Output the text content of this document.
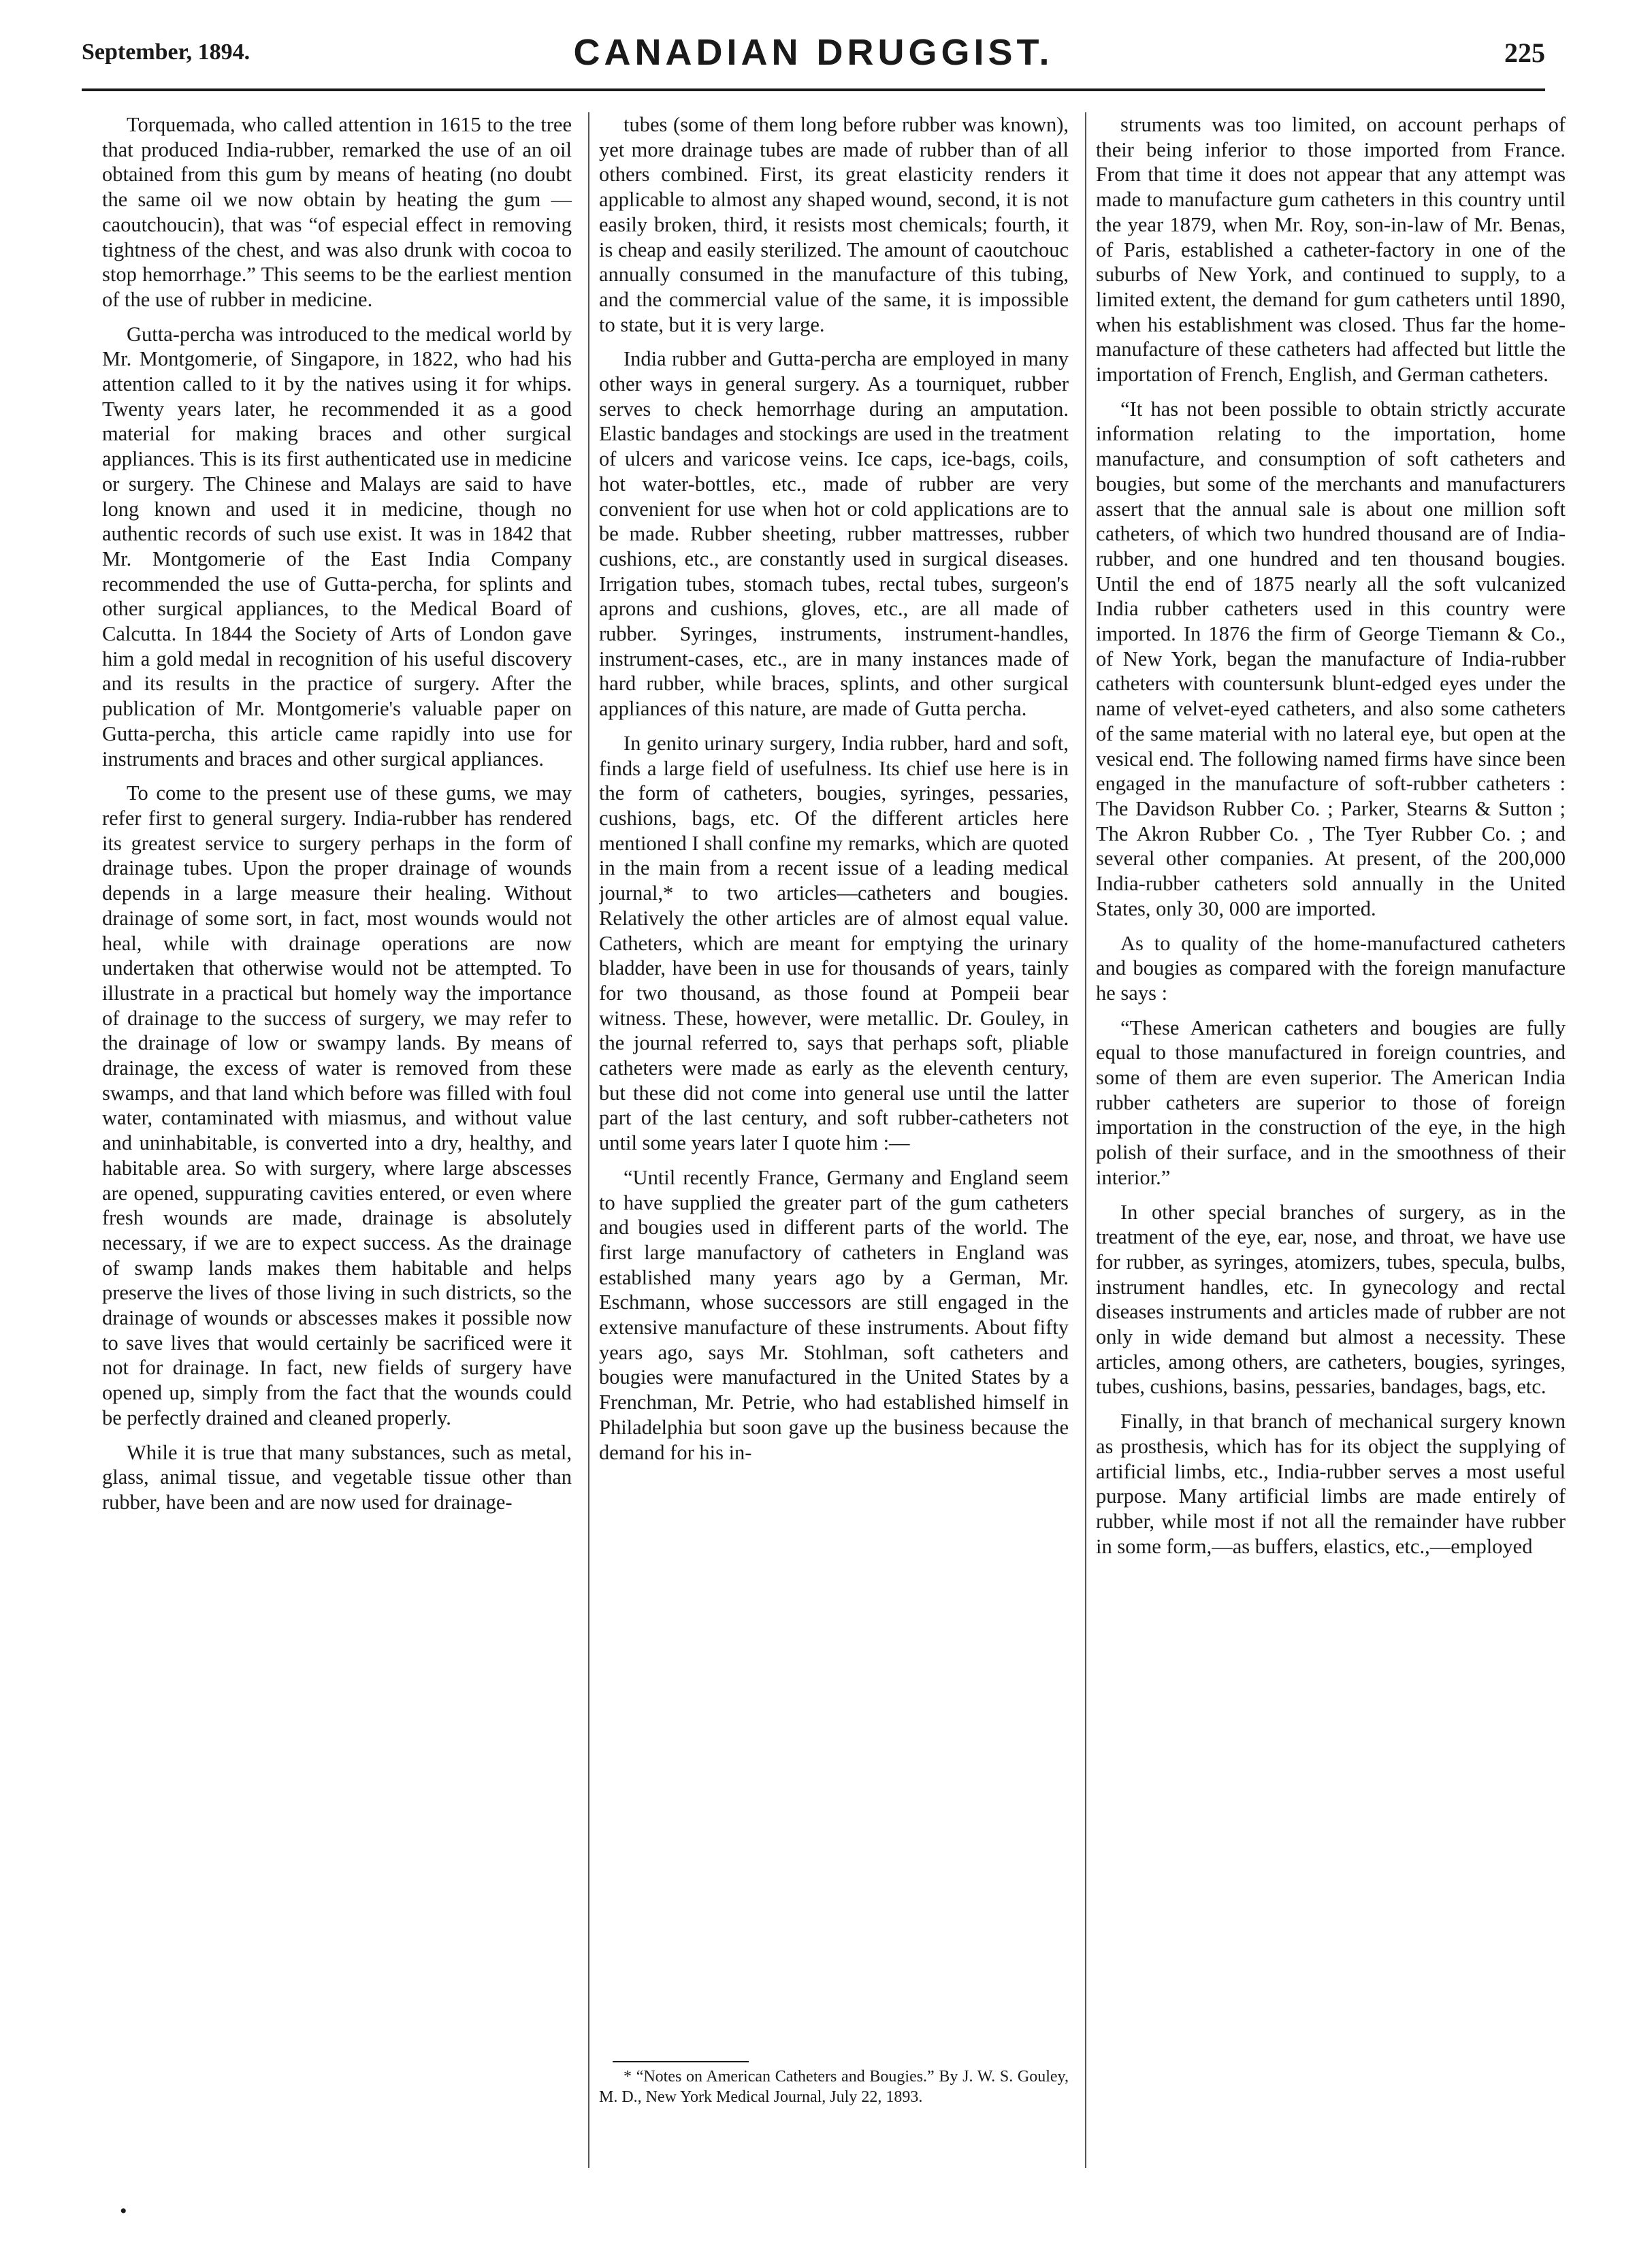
September, 1894.	CANADIAN DRUGGIST.	225

Torquemada, who called attention in 1615 to the tree that produced India-rubber, remarked the use of an oil obtained from this gum by means of heating (no doubt the same oil we now obtain by heating the gum — caoutchoucin), that was “of especial effect in removing tightness of the chest, and was also drunk with cocoa to stop hemorrhage.” This seems to be the earliest mention of the use of rubber in medicine.

Gutta-percha was introduced to the medical world by Mr. Montgomerie, of Singapore, in 1822, who had his attention called to it by the natives using it for whips. Twenty years later, he recommended it as a good material for making braces and other surgical appliances. This is its first authenticated use in medicine or surgery. The Chinese and Malays are said to have long known and used it in medicine, though no authentic records of such use exist. It was in 1842 that Mr. Montgomerie of the East India Company recommended the use of Gutta-percha, for splints and other surgical appliances, to the Medical Board of Calcutta. In 1844 the Society of Arts of London gave him a gold medal in recognition of his useful discovery and its results in the practice of surgery. After the publication of Mr. Montgomerie's valuable paper on Gutta-percha, this article came rapidly into use for instruments and braces and other surgical appliances.

To come to the present use of these gums, we may refer first to general surgery. India-rubber has rendered its greatest service to surgery perhaps in the form of drainage tubes. Upon the proper drainage of wounds depends in a large measure their healing. Without drainage of some sort, in fact, most wounds would not heal, while with drainage operations are now undertaken that otherwise would not be attempted. To illustrate in a practical but homely way the importance of drainage to the success of surgery, we may refer to the drainage of low or swampy lands. By means of drainage, the excess of water is removed from these swamps, and that land which before was filled with foul water, contaminated with miasmus, and without value and uninhabitable, is converted into a dry, healthy, and habitable area. So with surgery, where large abscesses are opened, suppurating cavities entered, or even where fresh wounds are made, drainage is absolutely necessary, if we are to expect success. As the drainage of swamp lands makes them habitable and helps preserve the lives of those living in such districts, so the drainage of wounds or abscesses makes it possible now to save lives that would certainly be sacrificed were it not for drainage. In fact, new fields of surgery have opened up, simply from the fact that the wounds could be perfectly drained and cleaned properly.

While it is true that many substances, such as metal, glass, animal tissue, and vegetable tissue other than rubber, have been and are now used for drainage-

tubes (some of them long before rubber was known), yet more drainage tubes are made of rubber than of all others combined. First, its great elasticity renders it applicable to almost any shaped wound, second, it is not easily broken, third, it resists most chemicals; fourth, it is cheap and easily sterilized. The amount of caoutchouc annually consumed in the manufacture of this tubing, and the commercial value of the same, it is impossible to state, but it is very large.

India rubber and Gutta-percha are employed in many other ways in general surgery. As a tourniquet, rubber serves to check hemorrhage during an amputation. Elastic bandages and stockings are used in the treatment of ulcers and varicose veins. Ice caps, ice-bags, coils, hot water-bottles, etc., made of rubber are very convenient for use when hot or cold applications are to be made. Rubber sheeting, rubber mattresses, rubber cushions, etc., are constantly used in surgical diseases. Irrigation tubes, stomach tubes, rectal tubes, surgeon's aprons and cushions, gloves, etc., are all made of rubber. Syringes, instruments, instrument-handles, instrument-cases, etc., are in many instances made of hard rubber, while braces, splints, and other surgical appliances of this nature, are made of Gutta percha.

In genito urinary surgery, India rubber, hard and soft, finds a large field of usefulness. Its chief use here is in the form of catheters, bougies, syringes, pessaries, cushions, bags, etc. Of the different articles here mentioned I shall confine my remarks, which are quoted in the main from a recent issue of a leading medical journal,* to two articles—catheters and bougies. Relatively the other articles are of almost equal value. Catheters, which are meant for emptying the urinary bladder, have been in use for thousands of years, tainly for two thousand, as those found at Pompeii bear witness. These, however, were metallic. Dr. Gouley, in the journal referred to, says that perhaps soft, pliable catheters were made as early as the eleventh century, but these did not come into general use until the latter part of the last century, and soft rubber-catheters not until some years later I quote him :—

“Until recently France, Germany and England seem to have supplied the greater part of the gum catheters and bougies used in different parts of the world. The first large manufactory of catheters in England was established many years ago by a German, Mr. Eschmann, whose successors are still engaged in the extensive manufacture of these instruments. About fifty years ago, says Mr. Stohlman, soft catheters and bougies were manufactured in the United States by a Frenchman, Mr. Petrie, who had established himself in Philadelphia but soon gave up the business because the demand for his in-

* “Notes on American Catheters and Bougies.” By J. W. S. Gouley, M. D., New York Medical Journal, July 22, 1893.

struments was too limited, on account perhaps of their being inferior to those imported from France. From that time it does not appear that any attempt was made to manufacture gum catheters in this country until the year 1879, when Mr. Roy, son-in-law of Mr. Benas, of Paris, established a catheter-factory in one of the suburbs of New York, and continued to supply, to a limited extent, the demand for gum catheters until 1890, when his establishment was closed. Thus far the home-manufacture of these catheters had affected but little the importation of French, English, and German catheters.

“It has not been possible to obtain strictly accurate information relating to the importation, home manufacture, and consumption of soft catheters and bougies, but some of the merchants and manufacturers assert that the annual sale is about one million soft catheters, of which two hundred thousand are of India-rubber, and one hundred and ten thousand bougies. Until the end of 1875 nearly all the soft vulcanized India rubber catheters used in this country were imported. In 1876 the firm of George Tiemann & Co., of New York, began the manufacture of India-rubber catheters with countersunk blunt-edged eyes under the name of velvet-eyed catheters, and also some catheters of the same material with no lateral eye, but open at the vesical end. The following named firms have since been engaged in the manufacture of soft-rubber catheters : The Davidson Rubber Co. ; Parker, Stearns & Sutton ; The Akron Rubber Co. , The Tyer Rubber Co. ; and several other companies. At present, of the 200,000 India-rubber catheters sold annually in the United States, only 30, 000 are imported.

As to quality of the home-manufactured catheters and bougies as compared with the foreign manufacture he says :

“These American catheters and bougies are fully equal to those manufactured in foreign countries, and some of them are even superior. The American India rubber catheters are superior to those of foreign importation in the construction of the eye, in the high polish of their surface, and in the smoothness of their interior.”

In other special branches of surgery, as in the treatment of the eye, ear, nose, and throat, we have use for rubber, as syringes, atomizers, tubes, specula, bulbs, instrument handles, etc. In gynecology and rectal diseases instruments and articles made of rubber are not only in wide demand but almost a necessity. These articles, among others, are catheters, bougies, syringes, tubes, cushions, basins, pessaries, bandages, bags, etc.

Finally, in that branch of mechanical surgery known as prosthesis, which has for its object the supplying of artificial limbs, etc., India-rubber serves a most useful purpose. Many artificial limbs are made entirely of rubber, while most if not all the remainder have rubber in some form,—as buffers, elastics, etc.,—employed

•
